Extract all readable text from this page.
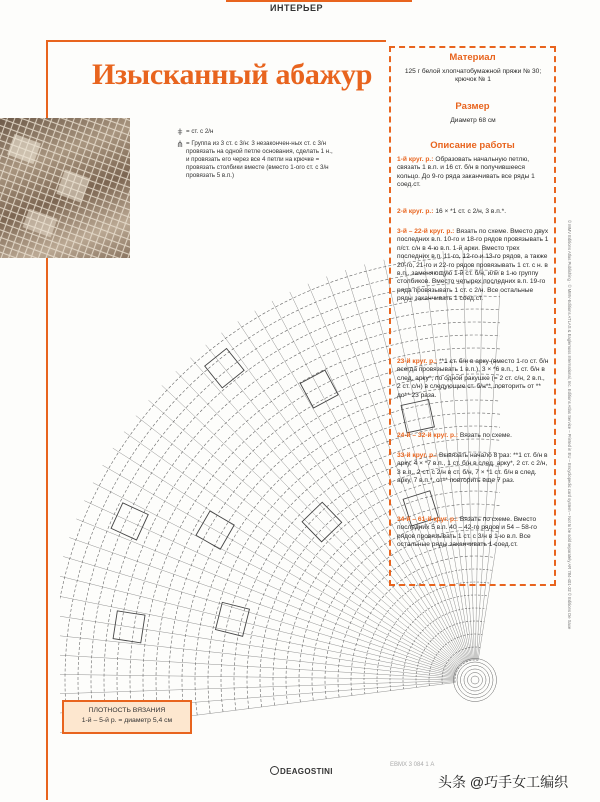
ИНТЕРЬЕР
Изысканный абажур
ǂ = ст. с 2/н
⋔ = Группа из 3 ст. с 3/н: 3 незакончен-ных ст. с 3/н провязать на одной петле основания, сделать 1 н., и провязать его через все 4 петли на крючке = провязать столбики вместе (вместо 1-ого ст. с 3/н провязать 5 в.п.)
Материал
125 г белой хлопчатобумажной пряжи № 30; крючок № 1
Размер
Диаметр 68 см
Описание работы
1-й круг. р.: Образовать начальную петлю, связать 1 в.п. и 16 ст. б/н в получившееся кольцо. До 9-го ряда заканчивать все ряды 1 соед.ст.
2-й круг. р.: 16 × *1 ст. с 2/н, 3 в.п.*.
3-й – 22-й круг. р.: Вязать по схеме. Вместо двух последних в.п. 10-го и 18-го рядов провязывать 1 п/ст. с/н в 4-ю в.п. 1-й арки. Вместо трех последних в.п. 11-го, 12-го и 13-го рядов, а также 20-го, 21-го и 22-го рядов провязывать 1 ст. с н. в в.п., заменяющую 1-й ст. б/н, или в 1-ю группу столбиков. Вместо четырех последних в.п. 19-го ряда провязывать 1 ст. с 2/н. Все остальные ряды заканчивать 1 соед.ст.
23-й круг. р.: **1 ст. б/н в арку (вместо 1-го ст. б/н всегда провязывать 1 в.п.), 3 × *6 в.п., 1 ст. б/н в след. арку*, по одной ракушке (= 2 ст. с/н, 2 в.п., 2 ст. с/н) в следующие ст. б/н**, повторить от ** до** 23 раза.
24-й – 32-й круг. р.: Вязать по схеме.
33-й круг. р.: Вывязать начало 8 раз: **1 ст. б/н в арку, 4 × *7 в.п., 1 ст. б/н в след. арку*, 2 ст. с 2/н, 3 в.п., 2 ст. с 2/н в ст. б/н, 7 × *1 ст. б/н в след. арку, 7 в.п.*, от** повторить еще 7 раз.
34-й – 61-й круг. р.: Вязать по схеме. Вместо последних 5 в.п. 40 – 42-го рядов и 54 – 58-го рядов провязывать 1 ст. с 3/н в 1-ю в.п. Все остальные ряды заканчивать 1 соед.ст.	© MMV Editions Atlas Publishing · © MMV-Editions ATLAS & Eaglemoss International, Inc. Editions Atlas Service – Printed in EU – Encyclopedic card system – Not to be sold separately AR 784-401-32 © Editions De Saxe
ПЛОТНОСТЬ ВЯЗАНИЯ
1-й – 5-й р. = диаметр 5,4 см
DEAGOSTINI
ЕВМХ 3 084 1 A
头条 @巧手女工编织
